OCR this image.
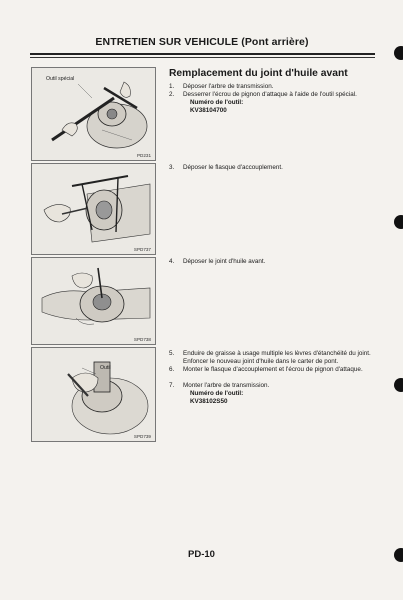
ENTRETIEN SUR VEHICULE (Pont arrière)
Outil spécial
PD231
SPD737
SPD738
Outil
SPD739
Remplacement du joint d'huile avant
1.	Déposer l'arbre de transmission.
2.	Desserrer l'écrou de pignon d'attaque à l'aide de l'outil spécial.
Numéro de l'outil:
KV38104700
3.	Déposer le flasque d'accouplement.
4.	Déposer le joint d'huile avant.
5.	Enduire de graisse à usage multiple les lèvres d'étanchéité du joint. Enfoncer le nouveau joint d'huile dans le carter de pont.
6.	Monter le flasque d'accouplement et l'écrou de pignon d'attaque.
7.	Monter l'arbre de transmission.
Numéro de l'outil:
KV38102S50
PD-10
